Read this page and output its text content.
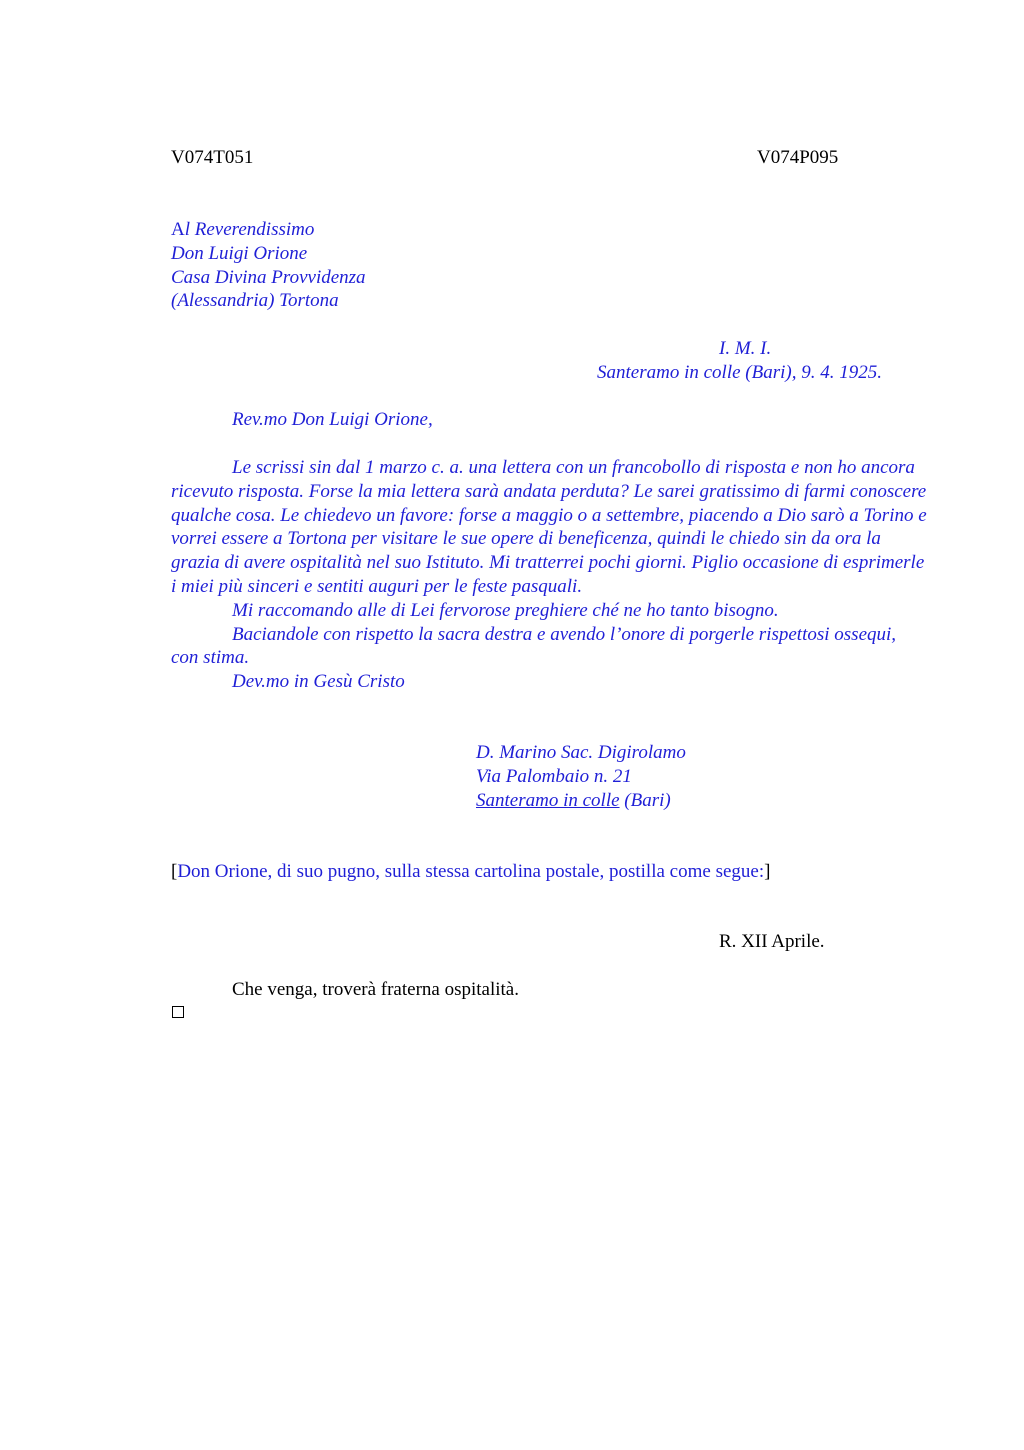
V074T051	V074P095
Al Reverendissimo
Don Luigi Orione
Casa Divina Provvidenza
(Alessandria) Tortona
I. M. I.
Santeramo in colle (Bari), 9. 4. 1925.
Rev.mo Don Luigi Orione,
Le scrissi sin dal 1 marzo c. a. una lettera con un francobollo di risposta e non ho ancora ricevuto risposta. Forse la mia lettera sarà andata perduta? Le sarei gratissimo di farmi conoscere qualche cosa. Le chiedevo un favore: forse a maggio o a settembre, piacendo a Dio sarò a Torino e vorrei essere a Tortona per visitare le sue opere di beneficenza, quindi le chiedo sin da ora la grazia di avere ospitalità nel suo Istituto. Mi tratterrei pochi giorni. Piglio occasione di esprimerle i miei più sinceri e sentiti auguri per le feste pasquali.
Mi raccomando alle di Lei fervorose preghiere ché ne ho tanto bisogno.
Baciandole con rispetto la sacra destra e avendo l’onore di porgerle rispettosi ossequi, con stima.
Dev.mo in Gesù Cristo
D. Marino Sac. Digirolamo
Via Palombaio n. 21
Santeramo in colle (Bari)
[Don Orione, di suo pugno, sulla stessa cartolina postale, postilla come segue:]
R. XII Aprile.
Che venga, troverà fraterna ospitalità.
